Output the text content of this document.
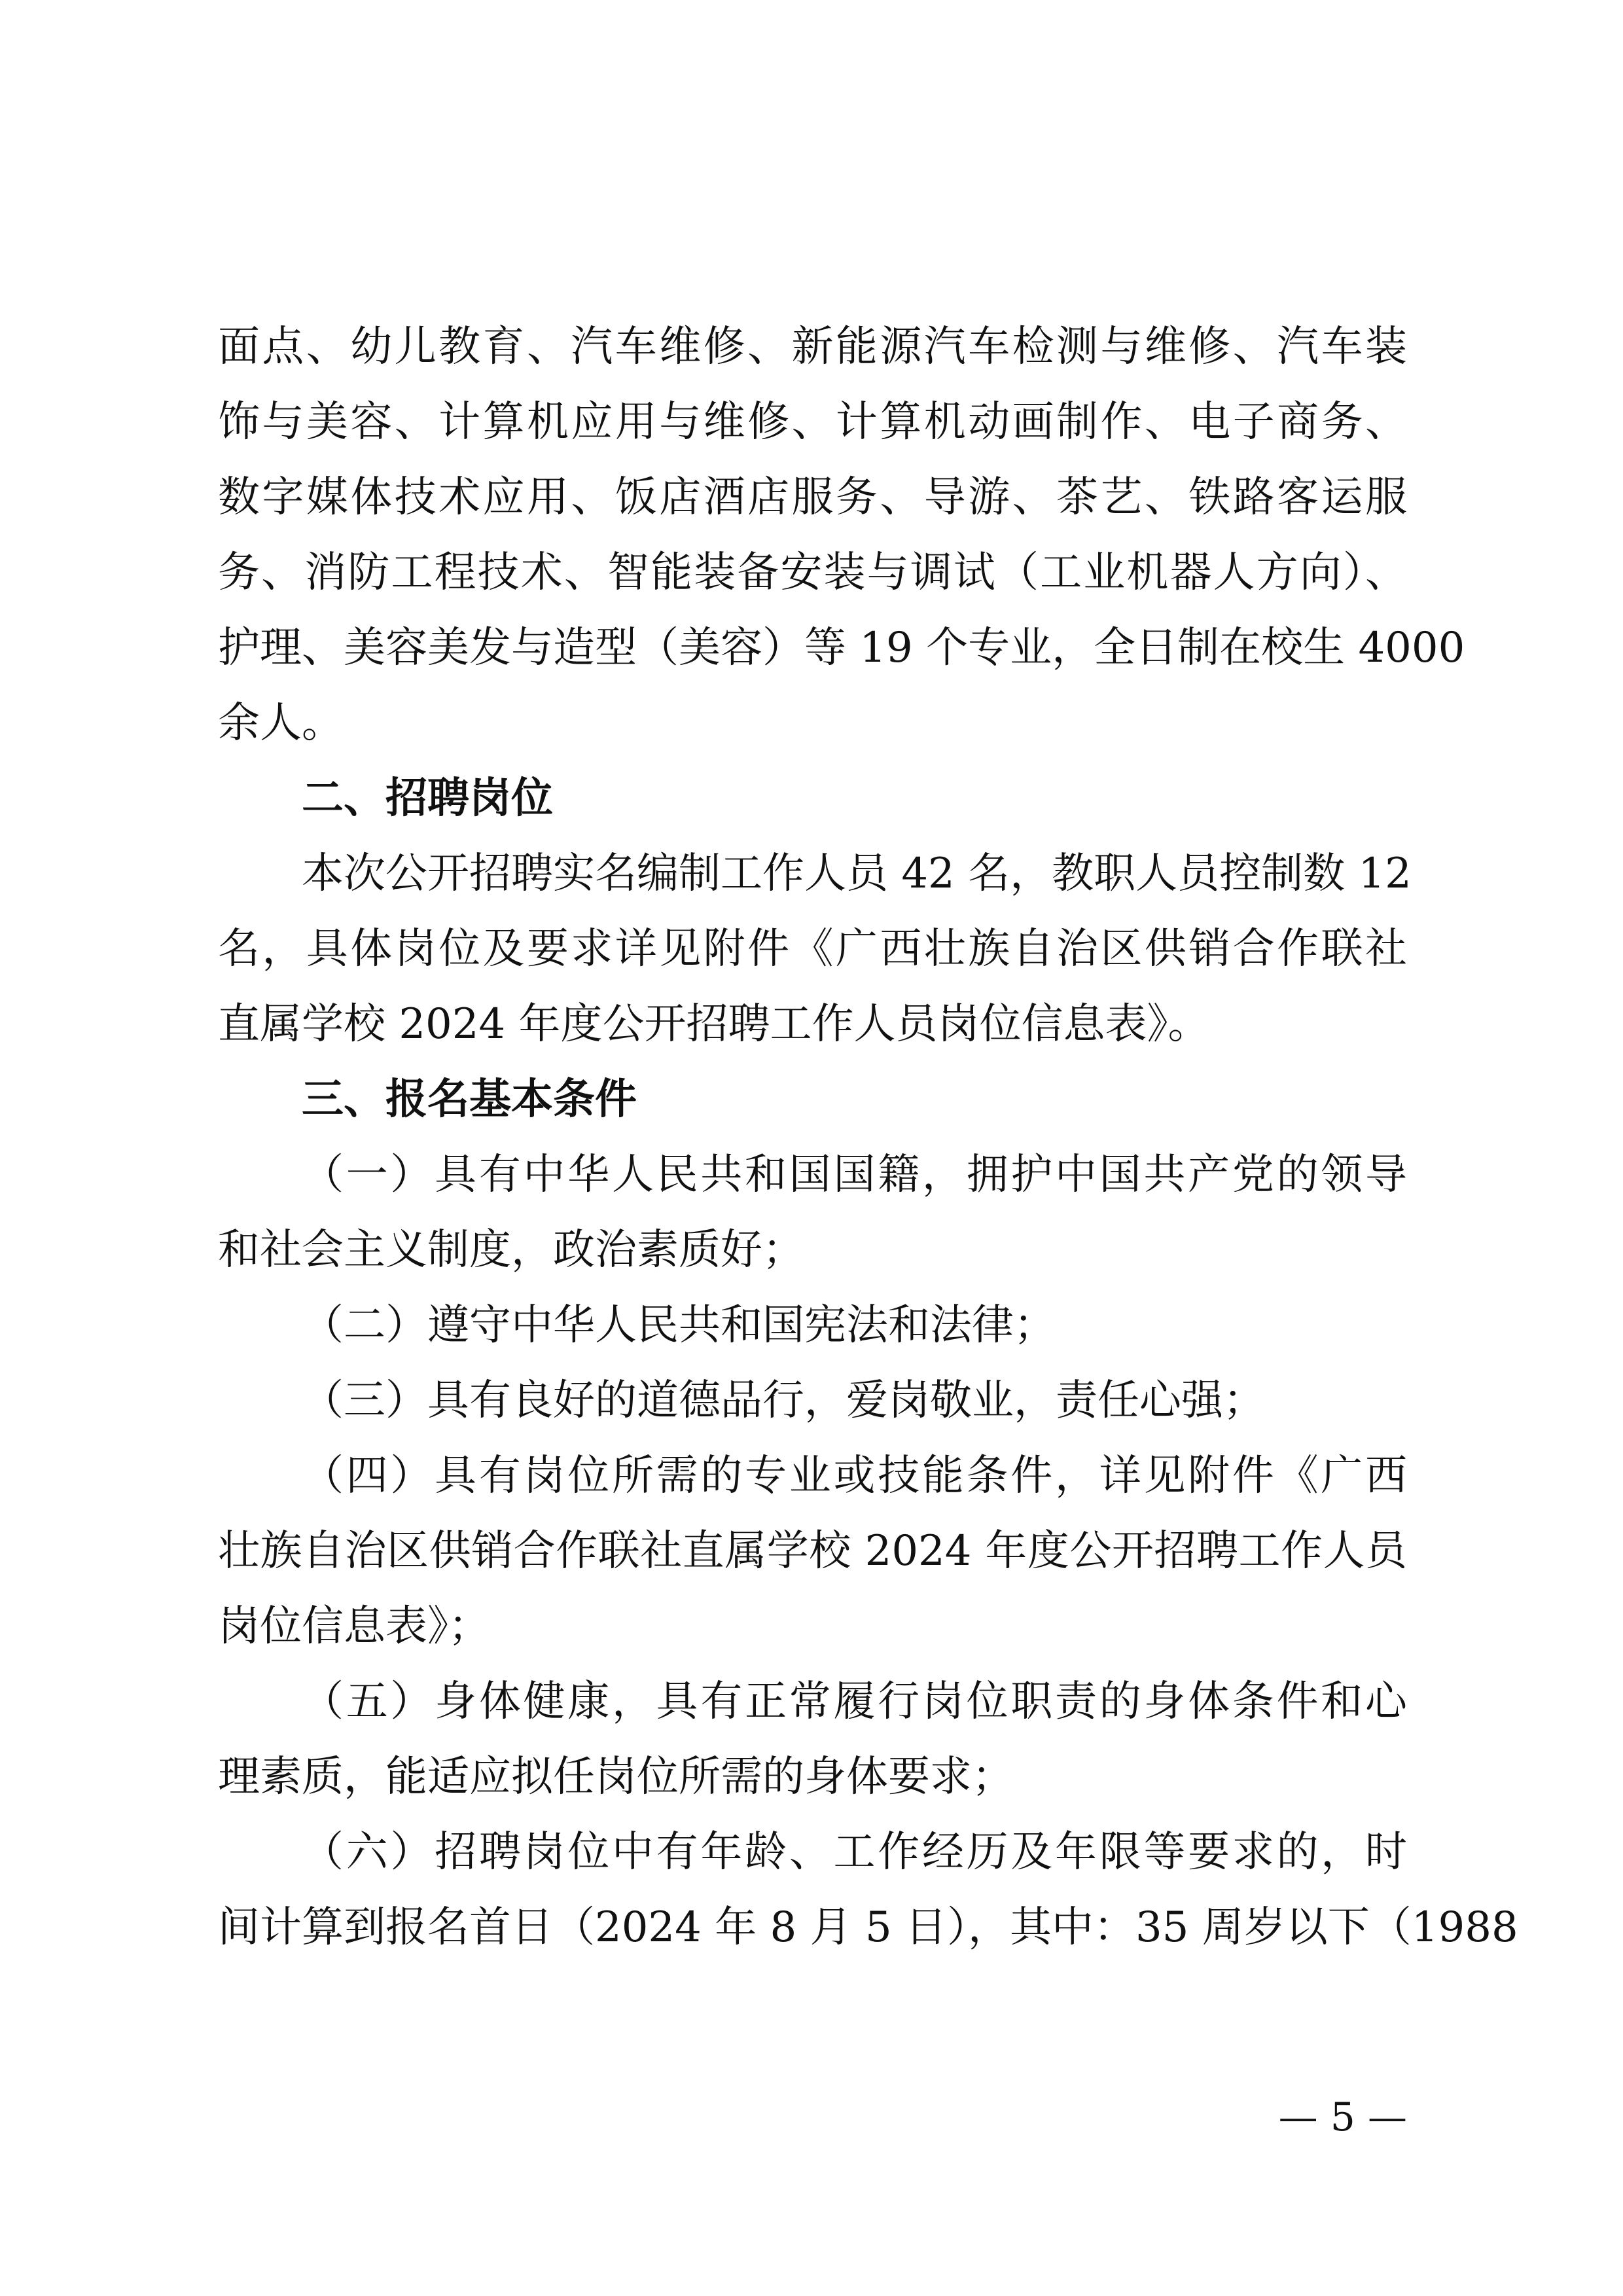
面点、幼儿教育、汽车维修、新能源汽车检测与维修、汽车装
饰与美容、计算机应用与维修、计算机动画制作、电子商务、
数字媒体技术应用、饭店酒店服务、导游、茶艺、铁路客运服
务、消防工程技术、智能装备安装与调试（工业机器人方向）、
护理、美容美发与造型（美容）等 19 个专业，全日制在校生 4000
余人。
二、招聘岗位
本次公开招聘实名编制工作人员 42 名，教职人员控制数 12
名，具体岗位及要求详见附件《广西壮族自治区供销合作联社
直属学校 2024 年度公开招聘工作人员岗位信息表》。
三、报名基本条件
（一）具有中华人民共和国国籍，拥护中国共产党的领导
和社会主义制度，政治素质好；
（二）遵守中华人民共和国宪法和法律；
（三）具有良好的道德品行，爱岗敬业，责任心强；
（四）具有岗位所需的专业或技能条件，详见附件《广西
壮族自治区供销合作联社直属学校 2024 年度公开招聘工作人员
岗位信息表》；
（五）身体健康，具有正常履行岗位职责的身体条件和心
理素质，能适应拟任岗位所需的身体要求；
（六）招聘岗位中有年龄、工作经历及年限等要求的，时
间计算到报名首日（2024 年 8 月 5 日），其中：35 周岁以下（1988
— 5 —
